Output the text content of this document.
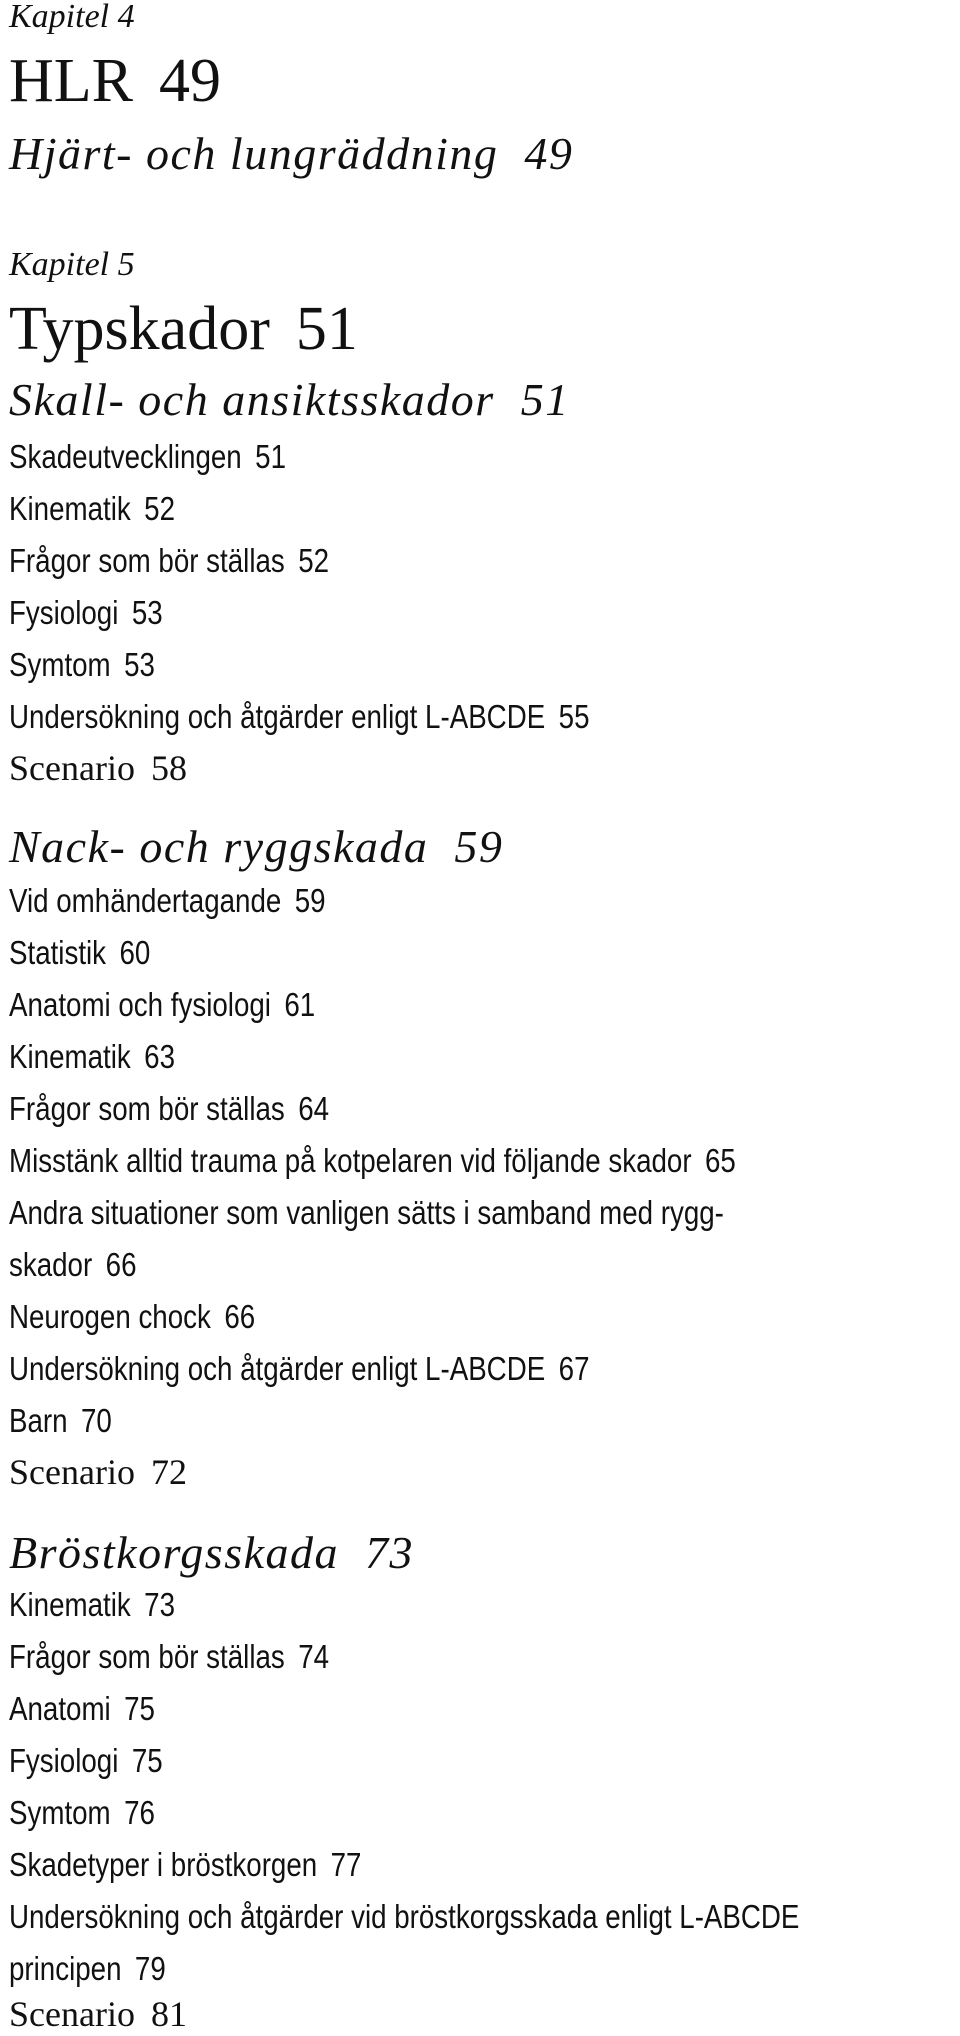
Kapitel 4
HLR 49
Hjärt- och lungräddning 49
Kapitel 5
Typskador 51
Skall- och ansiktsskador 51
Skadeutvecklingen 51
Kinematik 52
Frågor som bör ställas 52
Fysiologi 53
Symtom 53
Undersökning och åtgärder enligt L-ABCDE 55
Scenario 58
Nack- och ryggskada 59
Vid omhändertagande 59
Statistik 60
Anatomi och fysiologi 61
Kinematik 63
Frågor som bör ställas 64
Misstänk alltid trauma på kotpelaren vid följande skador 65
Andra situationer som vanligen sätts i samband med rygg-
skador 66
Neurogen chock 66
Undersökning och åtgärder enligt L-ABCDE 67
Barn 70
Scenario 72
Bröstkorgsskada 73
Kinematik 73
Frågor som bör ställas 74
Anatomi 75
Fysiologi 75
Symtom 76
Skadetyper i bröstkorgen 77
Undersökning och åtgärder vid bröstkorgsskada enligt L-ABCDE
principen 79
Scenario 81
